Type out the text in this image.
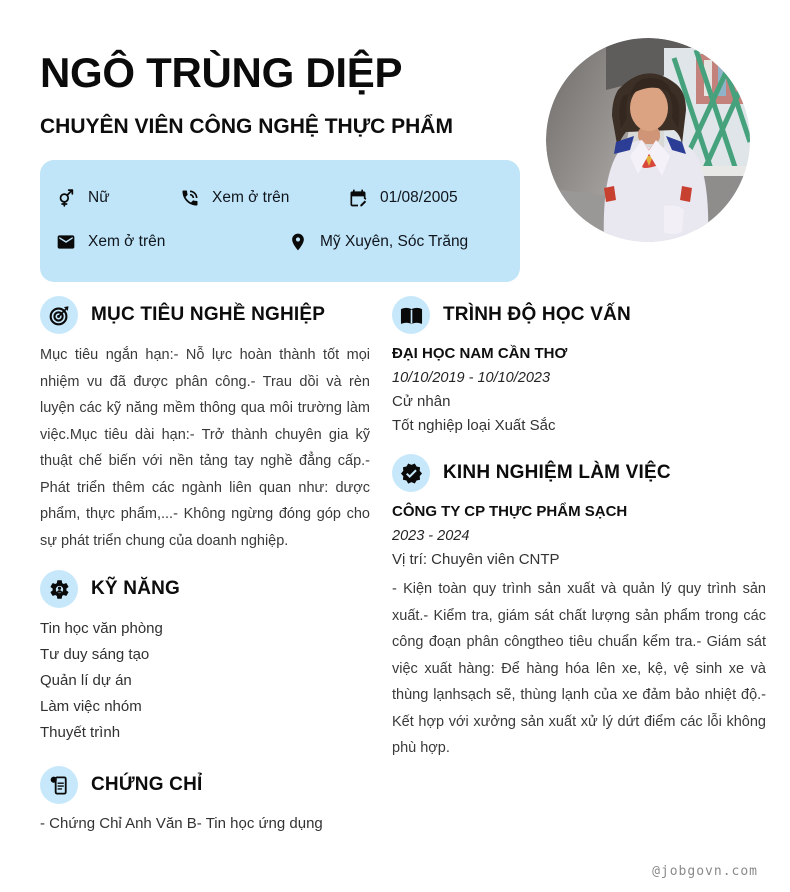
NGÔ TRÙNG DIỆP
CHUYÊN VIÊN CÔNG NGHỆ THỰC PHẨM
Nữ	Xem ở trên	01/08/2005
Xem ở trên	Mỹ Xuyên, Sóc Trăng
MỤC TIÊU NGHỀ NGHIỆP

Mục tiêu ngắn hạn:- Nỗ lực hoàn thành tốt mọi nhiệm vu đã được phân công.- Trau dồi và rèn luyện các kỹ năng mềm thông qua môi trường làm việc.Mục tiêu dài hạn:- Trở thành chuyên gia kỹ thuật chế biến với nền tảng tay nghề đẳng cấp.- Phát triển thêm các ngành liên quan như: dược phẩm, thực phẩm,...- Không ngừng đóng góp cho sự phát triển chung của doanh nghiệp.

KỸ NĂNG
Tin học văn phòng
Tư duy sáng tạo
Quản lí dự án
Làm việc nhóm
Thuyết trình
CHỨNG CHỈ

- Chứng Chỉ Anh Văn B- Tin học ứng dụng

TRÌNH ĐỘ HỌC VẤN
ĐẠI HỌC NAM CẦN THƠ
10/10/2019 - 10/10/2023
Cử nhân
Tốt nghiệp loại Xuất Sắc
KINH NGHIỆM LÀM VIỆC
CÔNG TY CP THỰC PHẨM SẠCH
2023 - 2024
Vị trí: Chuyên viên CNTP

- Kiện toàn quy trình sản xuất và quản lý quy trình sản xuất.- Kiểm tra, giám sát chất lượng sản phẩm trong các công đoạn phân côngtheo tiêu chuẩn kểm tra.- Giám sát việc xuất hàng: Để hàng hóa lên xe, kệ, vệ sinh xe và thùng lạnhsạch sẽ, thùng lạnh của xe đảm bảo nhiệt độ.- Kết hợp với xưởng sản xuất xử lý dứt điểm các lỗi không phù hợp.

@jobgovn.com
